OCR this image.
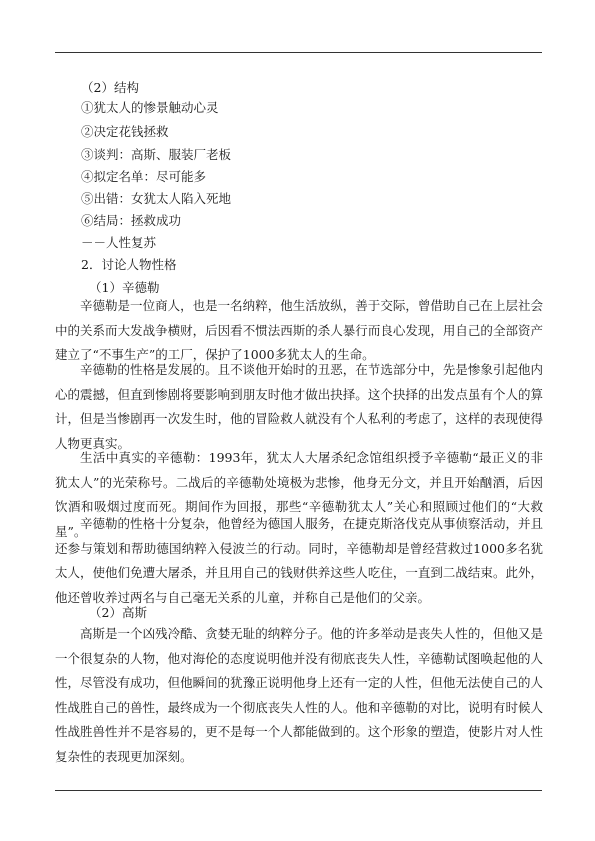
（2）结构
①犹太人的惨景触动心灵
②决定花钱拯救
③谈判：高斯、服装厂老板
④拟定名单：尽可能多
⑤出错：女犹太人陷入死地
⑥结局：拯救成功
－－人性复苏
2．讨论人物性格
（1）辛德勒
辛德勒是一位商人，也是一名纳粹，他生活放纵，善于交际，曾借助自己在上层社会中的关系而大发战争横财，后因看不惯法西斯的杀人暴行而良心发现，用自己的全部资产建立了“不事生产”的工厂，保护了1000多犹太人的生命。
辛德勒的性格是发展的。且不谈他开始时的丑恶，在节选部分中，先是惨象引起他内心的震撼，但直到惨剧将要影响到朋友时他才做出抉择。这个抉择的出发点虽有个人的算计，但是当惨剧再一次发生时，他的冒险救人就没有个人私利的考虑了，这样的表现使得人物更真实。
生活中真实的辛德勒：1993年，犹太人大屠杀纪念馆组织授予辛德勒“最正义的非犹太人”的光荣称号。二战后的辛德勒处境极为悲惨，他身无分文，并且开始酗酒，后因饮酒和吸烟过度而死。期间作为回报，那些“辛德勒犹太人”关心和照顾过他们的“大救星”。
辛德勒的性格十分复杂，他曾经为德国人服务，在捷克斯洛伐克从事侦察活动，并且还参与策划和帮助德国纳粹入侵波兰的行动。同时，辛德勒却是曾经营救过1000多名犹太人，使他们免遭大屠杀，并且用自己的钱财供养这些人吃住，一直到二战结束。此外，他还曾收养过两名与自己毫无关系的儿童，并称自己是他们的父亲。
（2）高斯
高斯是一个凶残冷酷、贪婪无耻的纳粹分子。他的许多举动是丧失人性的，但他又是一个很复杂的人物，他对海伦的态度说明他并没有彻底丧失人性，辛德勒试图唤起他的人性，尽管没有成功，但他瞬间的犹豫正说明他身上还有一定的人性，但他无法使自己的人性战胜自己的兽性，最终成为一个彻底丧失人性的人。他和辛德勒的对比，说明有时候人性战胜兽性并不是容易的，更不是每一个人都能做到的。这个形象的塑造，使影片对人性复杂性的表现更加深刻。
